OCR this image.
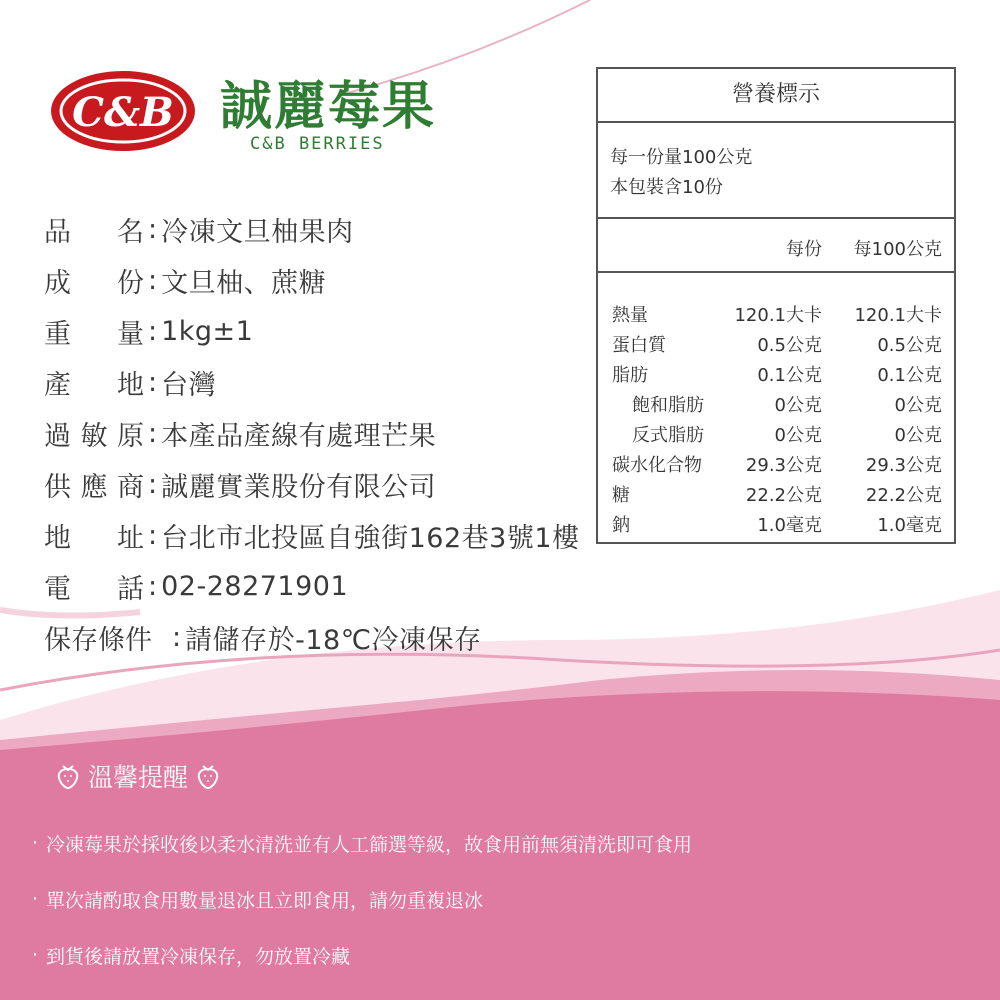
C&B 誠麗莓果
C&B BERRIES
品 名 : 冷凍文旦柚果肉
成 份 : 文旦柚、蔗糖
重 量 : 1kg±1
產 地 : 台灣
過 敏 原 : 本產品產線有處理芒果
供 應 商 : 誠麗實業股份有限公司
地 址 : 台北市北投區自強街162巷3號1樓
電 話 : 02-28271901
保存條件 : 請儲存於-18℃冷凍保存
營養標示
每一份量100公克
本包裝含10份
每份 每100公克
熱量	120.1大卡 120.1大卡
蛋白質	0.5公克	0.5公克
脂肪	0.1公克	0.1公克
飽和脂肪	0公克	0公克
反式脂肪	0公克	0公克
碳水化合物 29.3公克 29.3公克
糖	22.2公克 22.2公克
鈉	1.0毫克	1.0毫克
溫馨提醒
· 冷凍莓果於採收後以柔水清洗並有人工篩選等級，故食用前無須清洗即可食用
· 單次請酌取食用數量退冰且立即食用，請勿重複退冰
· 到貨後請放置冷凍保存，勿放置冷藏
